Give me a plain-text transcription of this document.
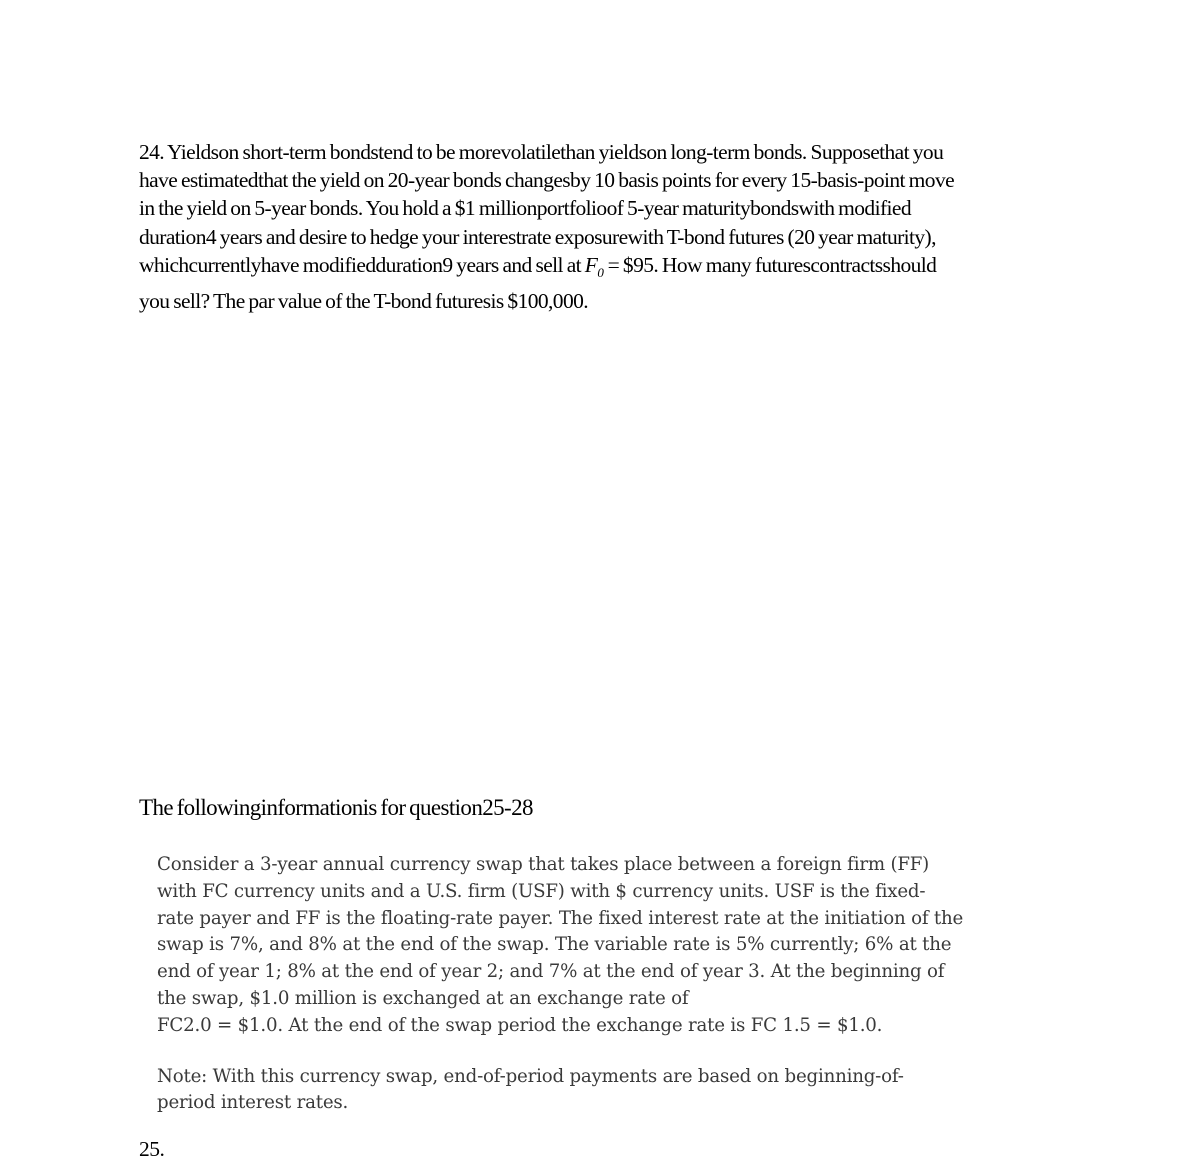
24. Yieldson short-term bondstend to be morevolatilethan yieldson long-term bonds. Supposethat you
have estimatedthat the yield on 20-year bonds changesby 10 basis points for every 15-basis-point move
in the yield on 5-year bonds. You hold a $1 millionportfolioof 5-year maturitybondswith modified
duration4 years and desire to hedge your interestrate exposurewith T-bond futures (20 year maturity),
whichcurrentlyhave modifiedduration9 years and sell at $F_0$ = $95. How many futurescontractsshould
you sell? The par value of the T-bond futuresis $100,000.
The followinginformationis for question25-28
Consider a 3-year annual currency swap that takes place between a foreign firm (FF)
with FC currency units and a U.S. firm (USF) with $ currency units. USF is the fixed-
rate payer and FF is the floating-rate payer. The fixed interest rate at the initiation of the
swap is 7%, and 8% at the end of the swap. The variable rate is 5% currently; 6% at the
end of year 1; 8% at the end of year 2; and 7% at the end of year 3. At the beginning of
the swap, $1.0 million is exchanged at an exchange rate of
FC2.0 = $1.0. At the end of the swap period the exchange rate is FC 1.5 = $1.0.
Note: With this currency swap, end-of-period payments are based on beginning-of-
period interest rates.
25.
